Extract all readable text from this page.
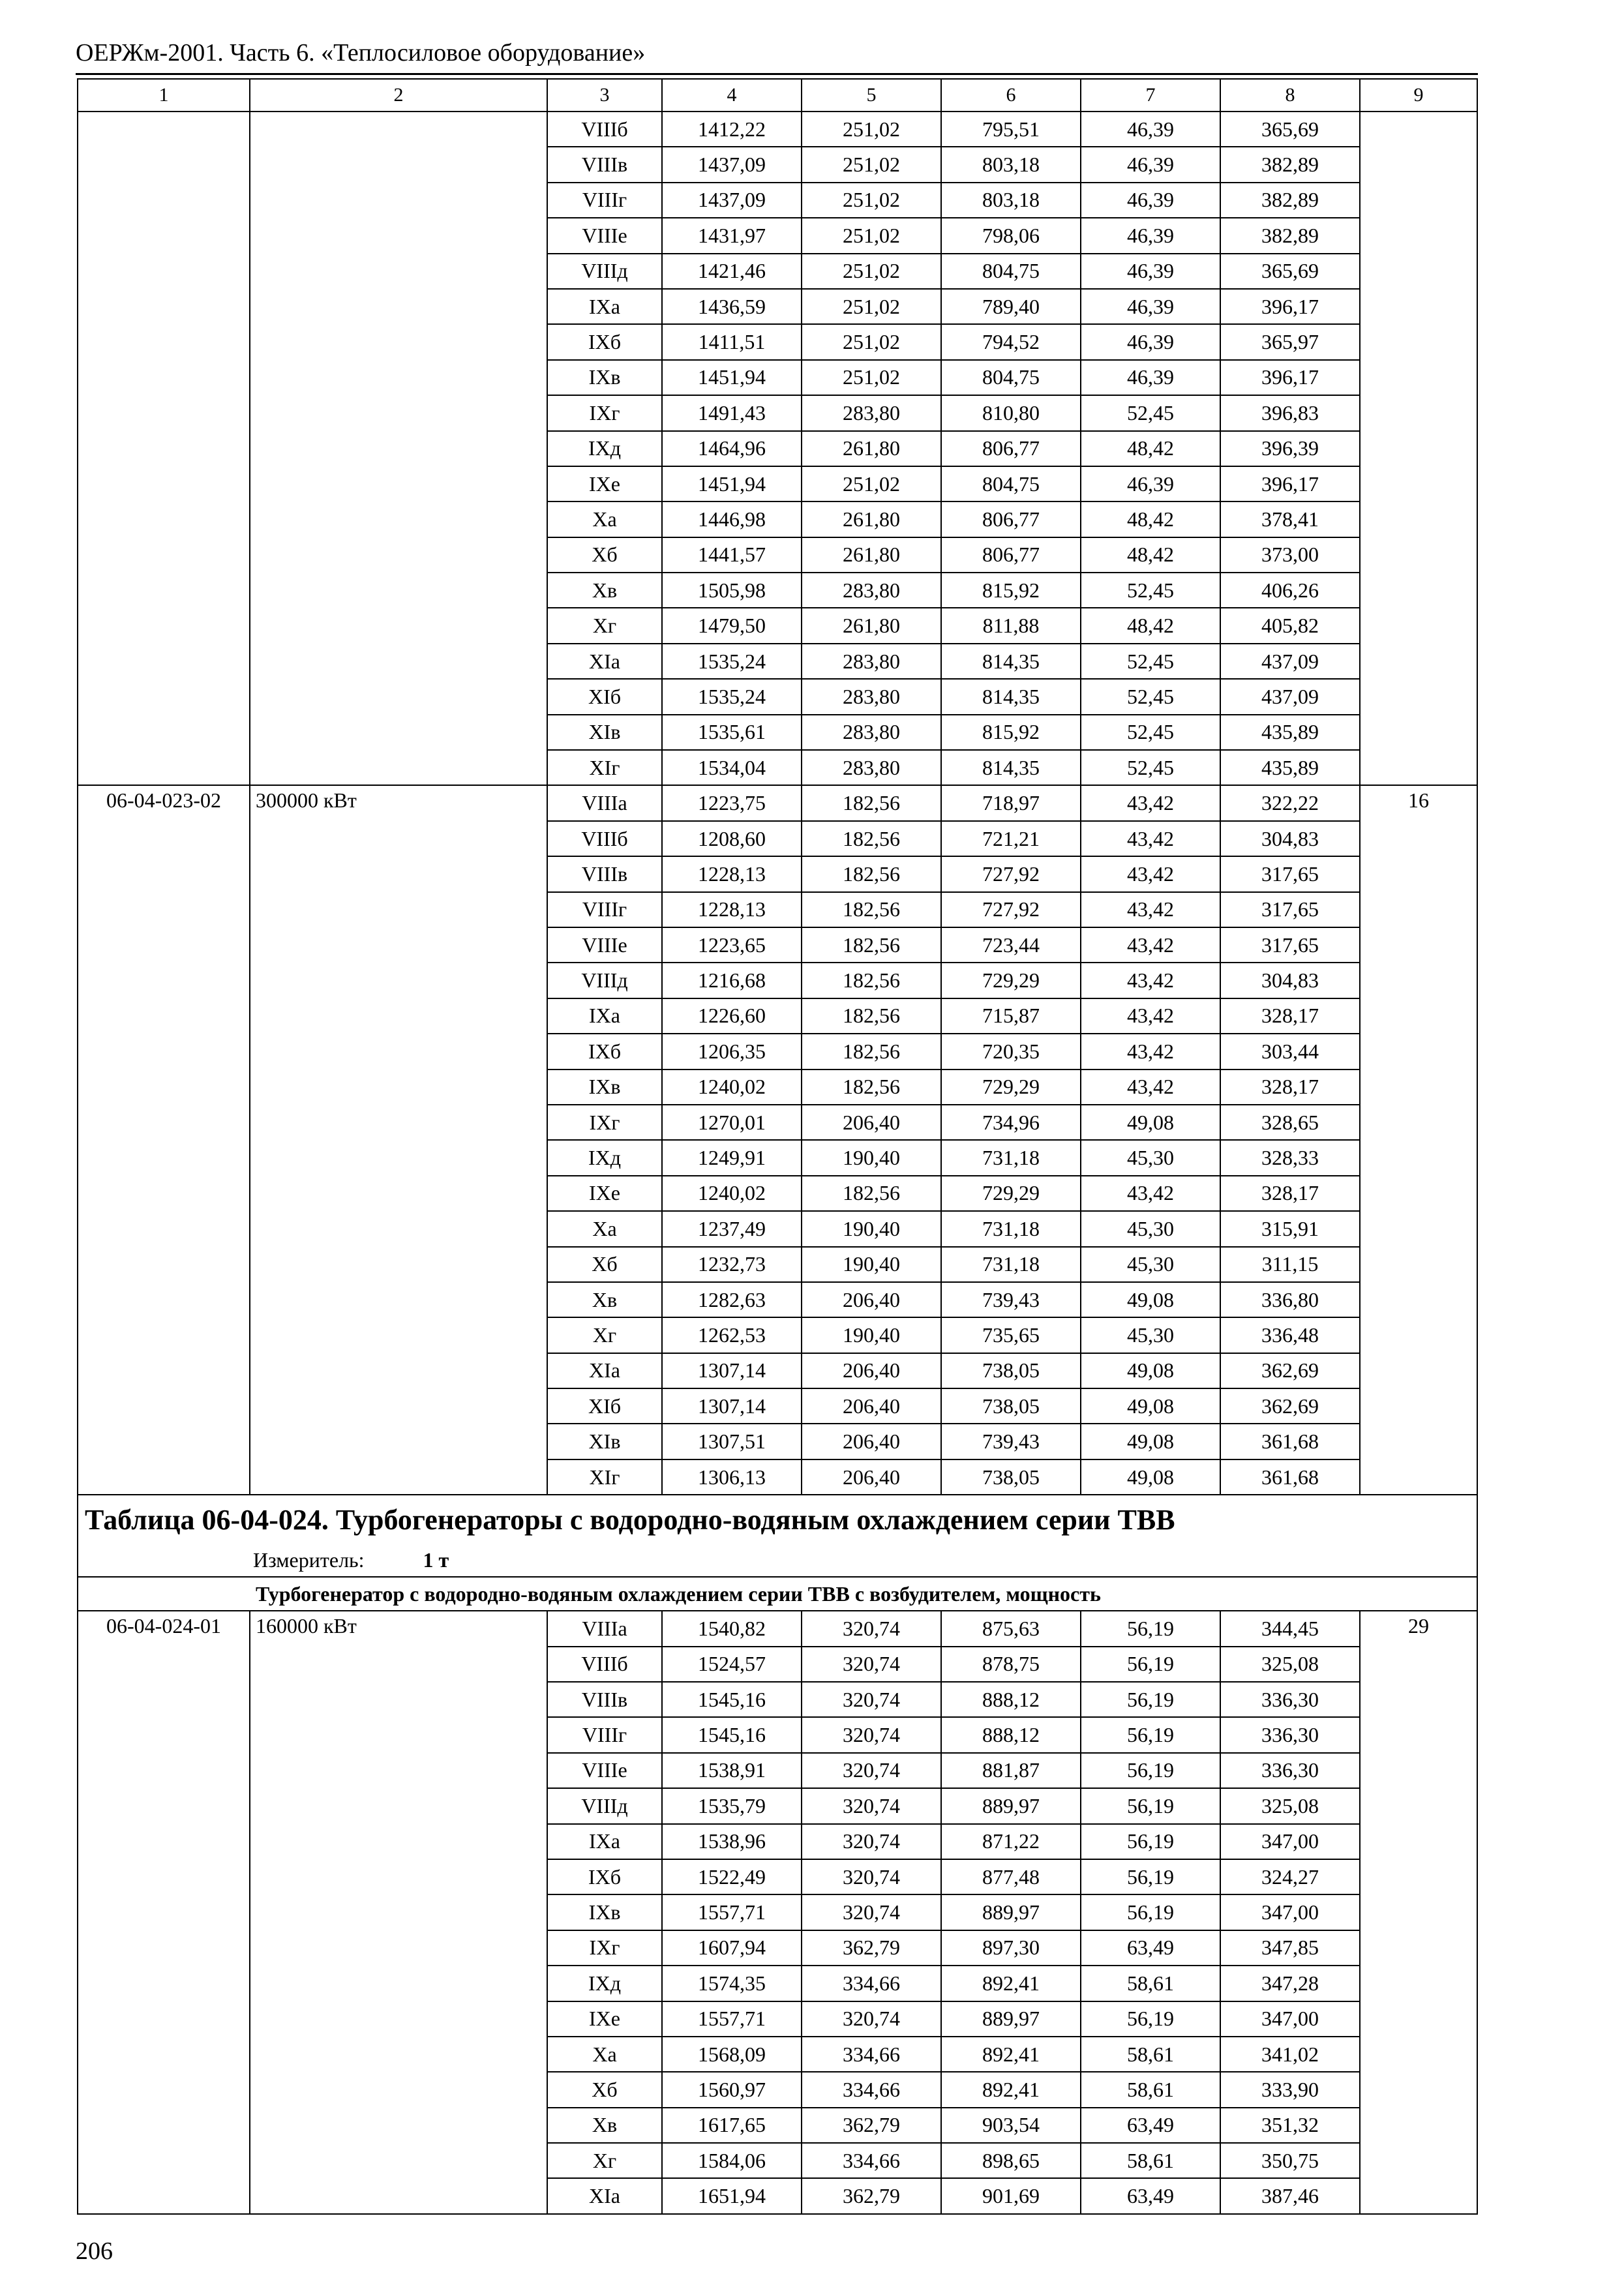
ОЕРЖм-2001. Часть 6. «Теплосиловое оборудование»
1	2	3	4	5	6	7	8	9
		VIIIб	1412,22	251,02	795,51	46,39	365,69	
		VIIIв	1437,09	251,02	803,18	46,39	382,89	
		VIIIг	1437,09	251,02	803,18	46,39	382,89	
		VIIIе	1431,97	251,02	798,06	46,39	382,89	
		VIIIд	1421,46	251,02	804,75	46,39	365,69	
		IXа	1436,59	251,02	789,40	46,39	396,17	
		IXб	1411,51	251,02	794,52	46,39	365,97	
		IXв	1451,94	251,02	804,75	46,39	396,17	
		IXг	1491,43	283,80	810,80	52,45	396,83	
		IXд	1464,96	261,80	806,77	48,42	396,39	
		IXе	1451,94	251,02	804,75	46,39	396,17	
		Xа	1446,98	261,80	806,77	48,42	378,41	
		Xб	1441,57	261,80	806,77	48,42	373,00	
		Xв	1505,98	283,80	815,92	52,45	406,26	
		Xг	1479,50	261,80	811,88	48,42	405,82	
		XIа	1535,24	283,80	814,35	52,45	437,09	
		XIб	1535,24	283,80	814,35	52,45	437,09	
		XIв	1535,61	283,80	815,92	52,45	435,89	
		XIг	1534,04	283,80	814,35	52,45	435,89	
06-04-023-02	300000 кВт	VIIIа	1223,75	182,56	718,97	43,42	322,22	16
		VIIIб	1208,60	182,56	721,21	43,42	304,83	
		VIIIв	1228,13	182,56	727,92	43,42	317,65	
		VIIIг	1228,13	182,56	727,92	43,42	317,65	
		VIIIе	1223,65	182,56	723,44	43,42	317,65	
		VIIIд	1216,68	182,56	729,29	43,42	304,83	
		IXа	1226,60	182,56	715,87	43,42	328,17	
		IXб	1206,35	182,56	720,35	43,42	303,44	
		IXв	1240,02	182,56	729,29	43,42	328,17	
		IXг	1270,01	206,40	734,96	49,08	328,65	
		IXд	1249,91	190,40	731,18	45,30	328,33	
		IXе	1240,02	182,56	729,29	43,42	328,17	
		Xа	1237,49	190,40	731,18	45,30	315,91	
		Xб	1232,73	190,40	731,18	45,30	311,15	
		Xв	1282,63	206,40	739,43	49,08	336,80	
		Xг	1262,53	190,40	735,65	45,30	336,48	
		XIа	1307,14	206,40	738,05	49,08	362,69	
		XIб	1307,14	206,40	738,05	49,08	362,69	
		XIв	1307,51	206,40	739,43	49,08	361,68	
		XIг	1306,13	206,40	738,05	49,08	361,68	
Таблица 06-04-024. Турбогенераторы с водородно-водяным охлаждением серии ТВВ								
Измеритель: 1 т								
Турбогенератор с водородно-водяным охлаждением серии ТВВ с возбудителем, мощность								
06-04-024-01	160000 кВт	VIIIа	1540,82	320,74	875,63	56,19	344,45	29
		VIIIб	1524,57	320,74	878,75	56,19	325,08	
		VIIIв	1545,16	320,74	888,12	56,19	336,30	
		VIIIг	1545,16	320,74	888,12	56,19	336,30	
		VIIIе	1538,91	320,74	881,87	56,19	336,30	
		VIIIд	1535,79	320,74	889,97	56,19	325,08	
		IXа	1538,96	320,74	871,22	56,19	347,00	
		IXб	1522,49	320,74	877,48	56,19	324,27	
		IXв	1557,71	320,74	889,97	56,19	347,00	
		IXг	1607,94	362,79	897,30	63,49	347,85	
		IXд	1574,35	334,66	892,41	58,61	347,28	
		IXе	1557,71	320,74	889,97	56,19	347,00	
		Xа	1568,09	334,66	892,41	58,61	341,02	
		Xб	1560,97	334,66	892,41	58,61	333,90	
		Xв	1617,65	362,79	903,54	63,49	351,32	
		Xг	1584,06	334,66	898,65	58,61	350,75	
		XIа	1651,94	362,79	901,69	63,49	387,46	
206
